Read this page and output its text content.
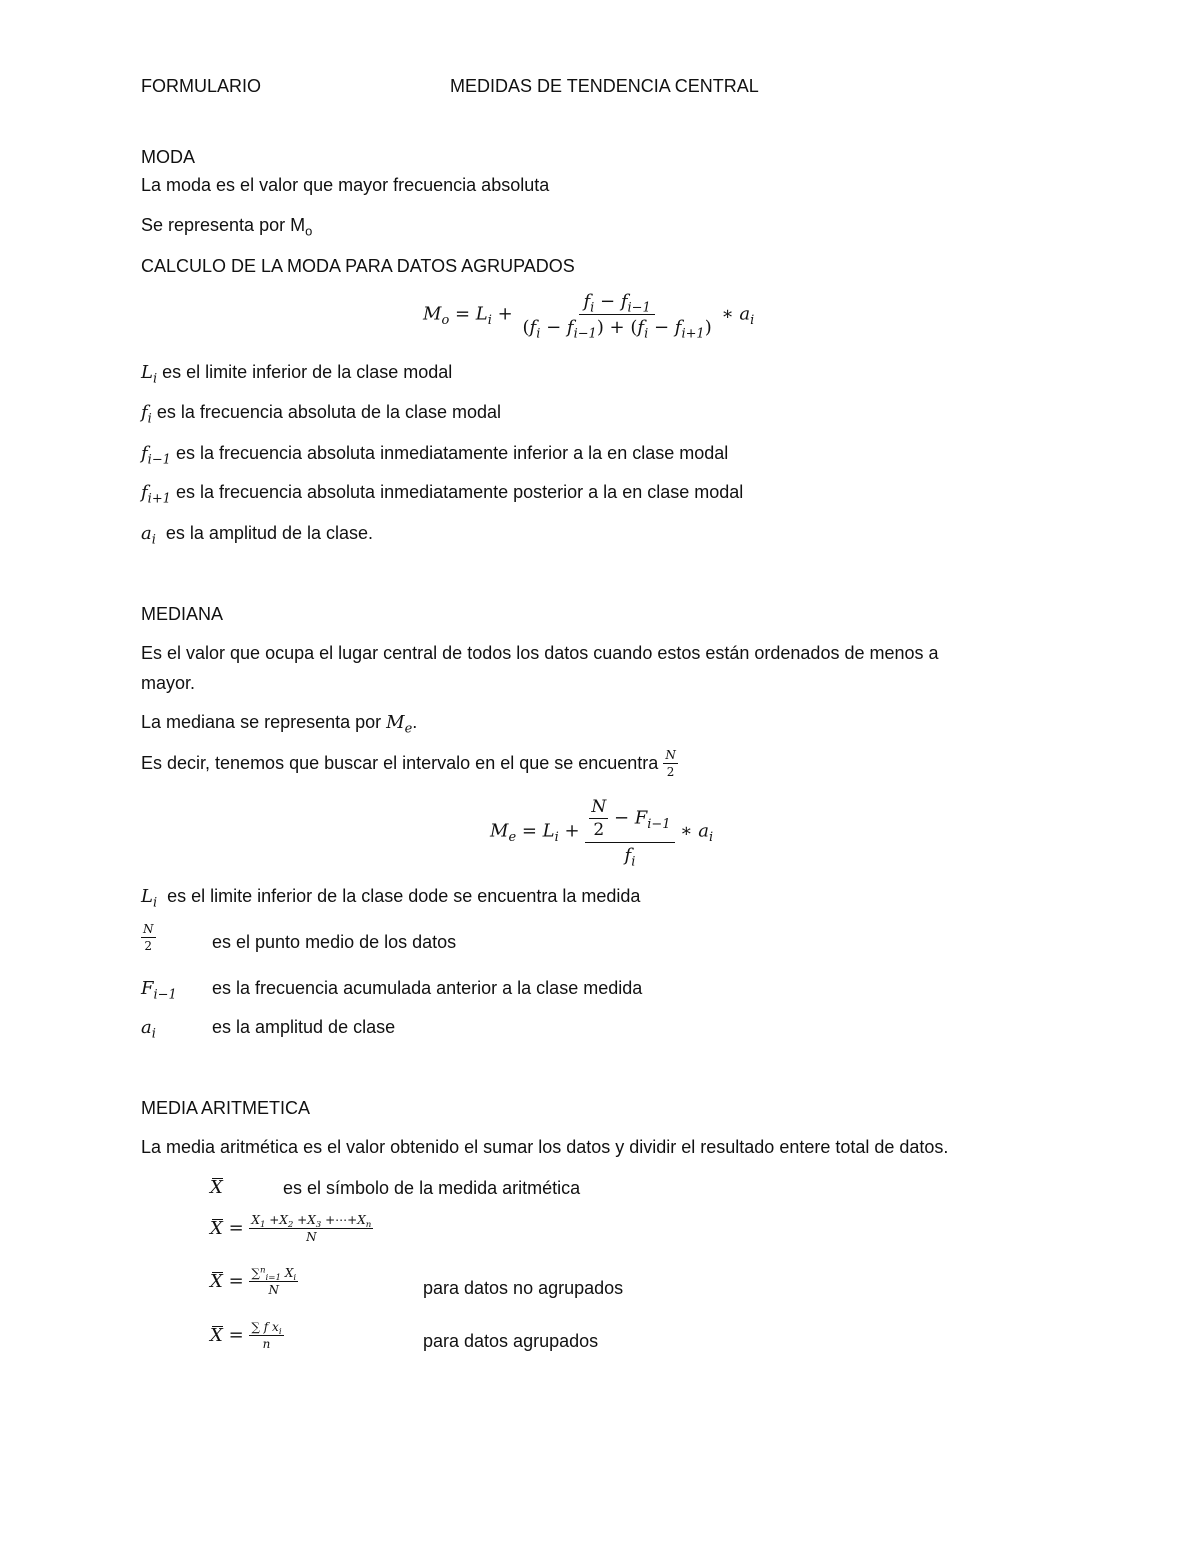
FORMULARIO	MEDIDAS DE TENDENCIA CENTRAL
MODA
La moda es el valor que mayor frecuencia absoluta
Se representa por $M_o$
CALCULO DE LA MODA PARA DATOS AGRUPADOS
$M_o = L_i + \frac{f_i - f_{i-1}}{(f_i - f_{i-1}) + (f_i - f_{i+1})}$ ∗ $a_i$
$L_i$ es el limite inferior de la clase modal
$f_i$ es la frecuencia absoluta de la clase modal
$f_{i-1}$ es la frecuencia absoluta inmediatamente inferior a la en clase modal
$f_{i+1}$ es la frecuencia absoluta inmediatamente posterior a la en clase modal
$a_i$ es la amplitud de la clase.
MEDIANA
Es el valor que ocupa el lugar central de todos los datos cuando estos están ordenados de menos a
mayor.
La mediana se representa por $M_e$.
Es decir, tenemos que buscar el intervalo en el que se encuentra $\frac{N}{2}$
$M_e = L_i + \frac{\frac{N}{2} - F_{i-1}}{f_i}$ ∗ $a_i$
$L_i$ es el limite inferior de la clase dode se encuentra la medida
$\frac{N}{2}$	es el punto medio de los datos
$F_{i-1}$ es la frecuencia acumulada anterior a la clase medida
$a_i$	es la amplitud de clase
MEDIA ARITMETICA
La media aritmética es el valor obtenido el sumar los datos y dividir el resultado entere total de datos.
X	es el símbolo de la medida aritmética
$X = \frac{X_1 +X_2 +X_3 +\cdots+X_n}{N}$
$X = \frac{\sum^n_{i=1} X_i}{N}$	para datos no agrupados
$X = \frac{\sum f x_i}{n}$	para datos agrupados
